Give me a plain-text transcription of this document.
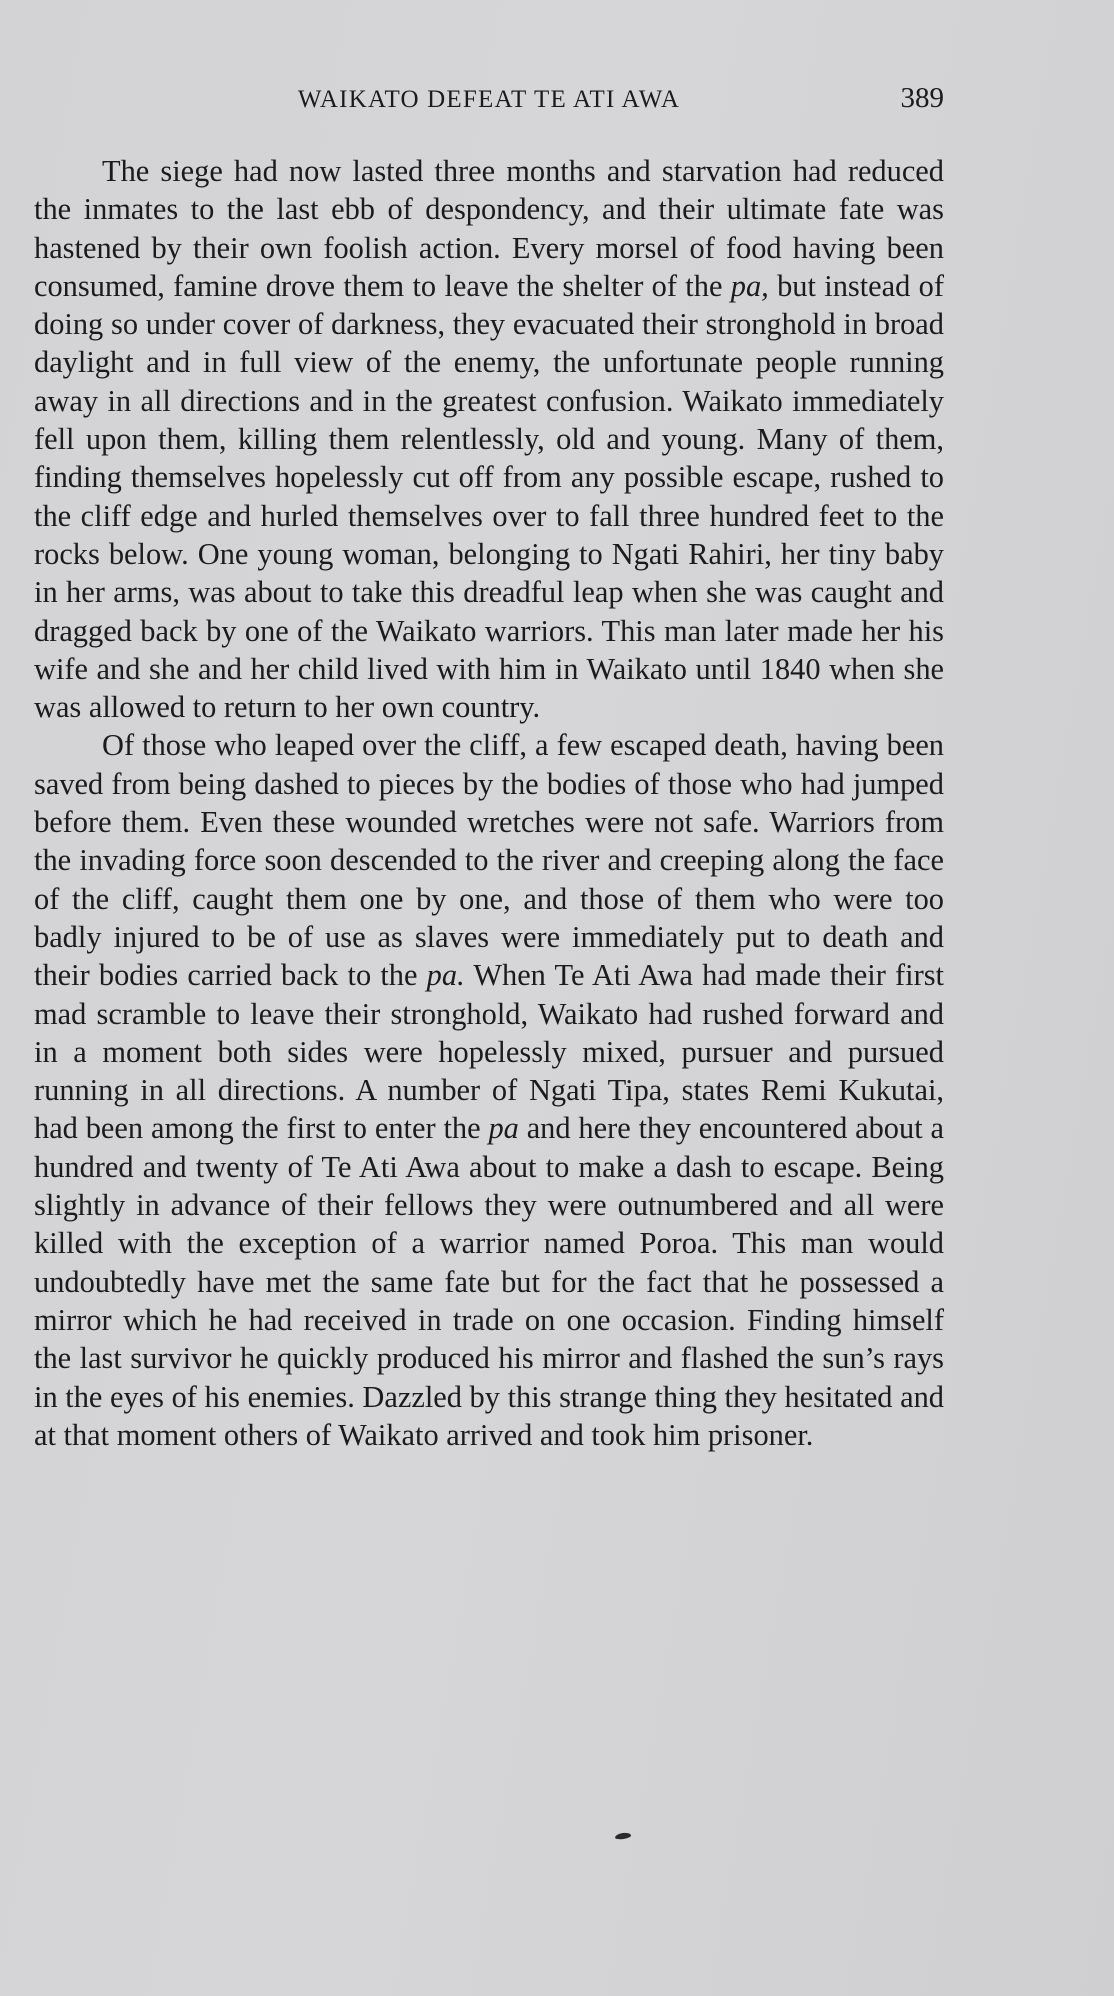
WAIKATO DEFEAT TE ATI AWA	389

The siege had now lasted three months and starvation had reduced the inmates to the last ebb of despondency, and their ultimate fate was hastened by their own foolish action. Every morsel of food having been consumed, famine drove them to leave the shelter of the pa, but instead of doing so under cover of darkness, they evacuated their stronghold in broad daylight and in full view of the enemy, the unfortunate people running away in all directions and in the greatest confusion. Waikato immediately fell upon them, killing them relentlessly, old and young. Many of them, finding themselves hopelessly cut off from any possible escape, rushed to the cliff edge and hurled themselves over to fall three hundred feet to the rocks below. One young woman, belonging to Ngati Rahiri, her tiny baby in her arms, was about to take this dreadful leap when she was caught and dragged back by one of the Waikato warriors. This man later made her his wife and she and her child lived with him in Waikato until 1840 when she was allowed to return to her own country.

Of those who leaped over the cliff, a few escaped death, having been saved from being dashed to pieces by the bodies of those who had jumped before them. Even these wounded wretches were not safe. Warriors from the invading force soon descended to the river and creeping along the face of the cliff, caught them one by one, and those of them who were too badly injured to be of use as slaves were immediately put to death and their bodies carried back to the pa. When Te Ati Awa had made their first mad scramble to leave their stronghold, Waikato had rushed forward and in a moment both sides were hopelessly mixed, pursuer and pursued running in all directions. A number of Ngati Tipa, states Remi Kukutai, had been among the first to enter the pa and here they encountered about a hundred and twenty of Te Ati Awa about to make a dash to escape. Being slightly in advance of their fellows they were outnumbered and all were killed with the exception of a warrior named Poroa. This man would undoubtedly have met the same fate but for the fact that he possessed a mirror which he had received in trade on one occasion. Finding himself the last survivor he quickly produced his mirror and flashed the sun’s rays in the eyes of his enemies. Dazzled by this strange thing they hesitated and at that moment others of Waikato arrived and took him prisoner.
